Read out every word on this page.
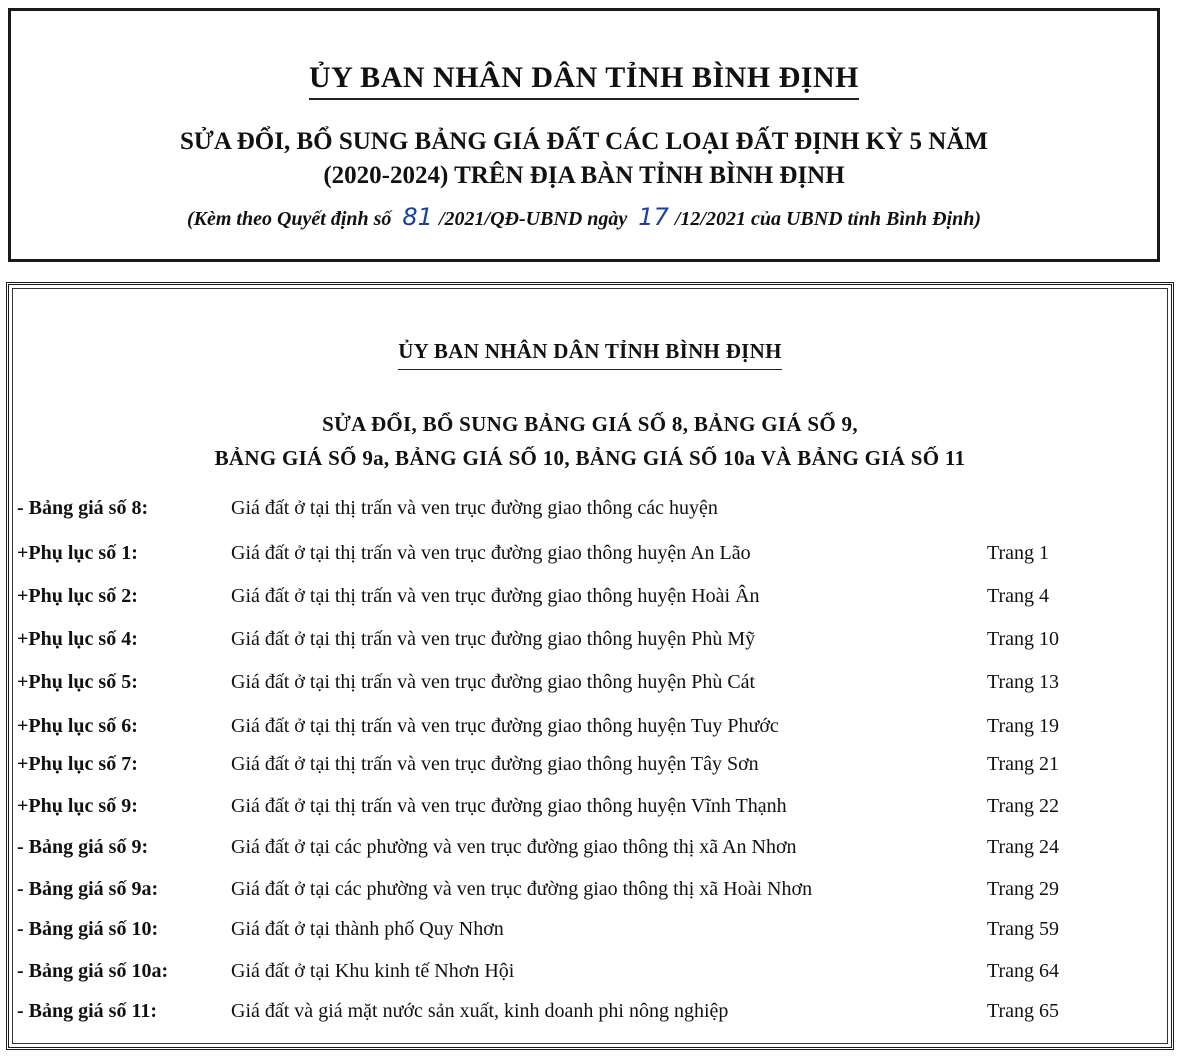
ỦY BAN NHÂN DÂN TỈNH BÌNH ĐỊNH
SỬA ĐỔI, BỔ SUNG BẢNG GIÁ ĐẤT CÁC LOẠI ĐẤT ĐỊNH KỲ 5 NĂM
(2020-2024) TRÊN ĐỊA BÀN TỈNH BÌNH ĐỊNH
(Kèm theo Quyết định số 81 /2021/QĐ-UBND ngày 17 /12/2021 của UBND tỉnh Bình Định)
ỦY BAN NHÂN DÂN TỈNH BÌNH ĐỊNH
SỬA ĐỔI, BỔ SUNG BẢNG GIÁ SỐ 8, BẢNG GIÁ SỐ 9,
BẢNG GIÁ SỐ 9a, BẢNG GIÁ SỐ 10, BẢNG GIÁ SỐ 10a VÀ BẢNG GIÁ SỐ 11
- Bảng giá số 8:	Giá đất ở tại thị trấn và ven trục đường giao thông các huyện
+Phụ lục số 1:	Giá đất ở tại thị trấn và ven trục đường giao thông huyện An Lão	Trang 1
+Phụ lục số 2:	Giá đất ở tại thị trấn và ven trục đường giao thông huyện Hoài Ân	Trang 4
+Phụ lục số 4:	Giá đất ở tại thị trấn và ven trục đường giao thông huyện Phù Mỹ	Trang 10
+Phụ lục số 5:	Giá đất ở tại thị trấn và ven trục đường giao thông huyện Phù Cát	Trang 13
+Phụ lục số 6:	Giá đất ở tại thị trấn và ven trục đường giao thông huyện Tuy Phước	Trang 19
+Phụ lục số 7:	Giá đất ở tại thị trấn và ven trục đường giao thông huyện Tây Sơn	Trang 21
+Phụ lục số 9:	Giá đất ở tại thị trấn và ven trục đường giao thông huyện Vĩnh Thạnh	Trang 22
- Bảng giá số 9:	Giá đất ở tại các phường và ven trục đường giao thông thị xã An Nhơn	Trang 24
- Bảng giá số 9a:	Giá đất ở tại các phường và ven trục đường giao thông thị xã Hoài Nhơn	Trang 29
- Bảng giá số 10:	Giá đất ở tại thành phố Quy Nhơn	Trang 59
- Bảng giá số 10a:	Giá đất ở tại Khu kinh tế Nhơn Hội	Trang 64
- Bảng giá số 11:	Giá đất và giá mặt nước sản xuất, kinh doanh phi nông nghiệp	Trang 65
